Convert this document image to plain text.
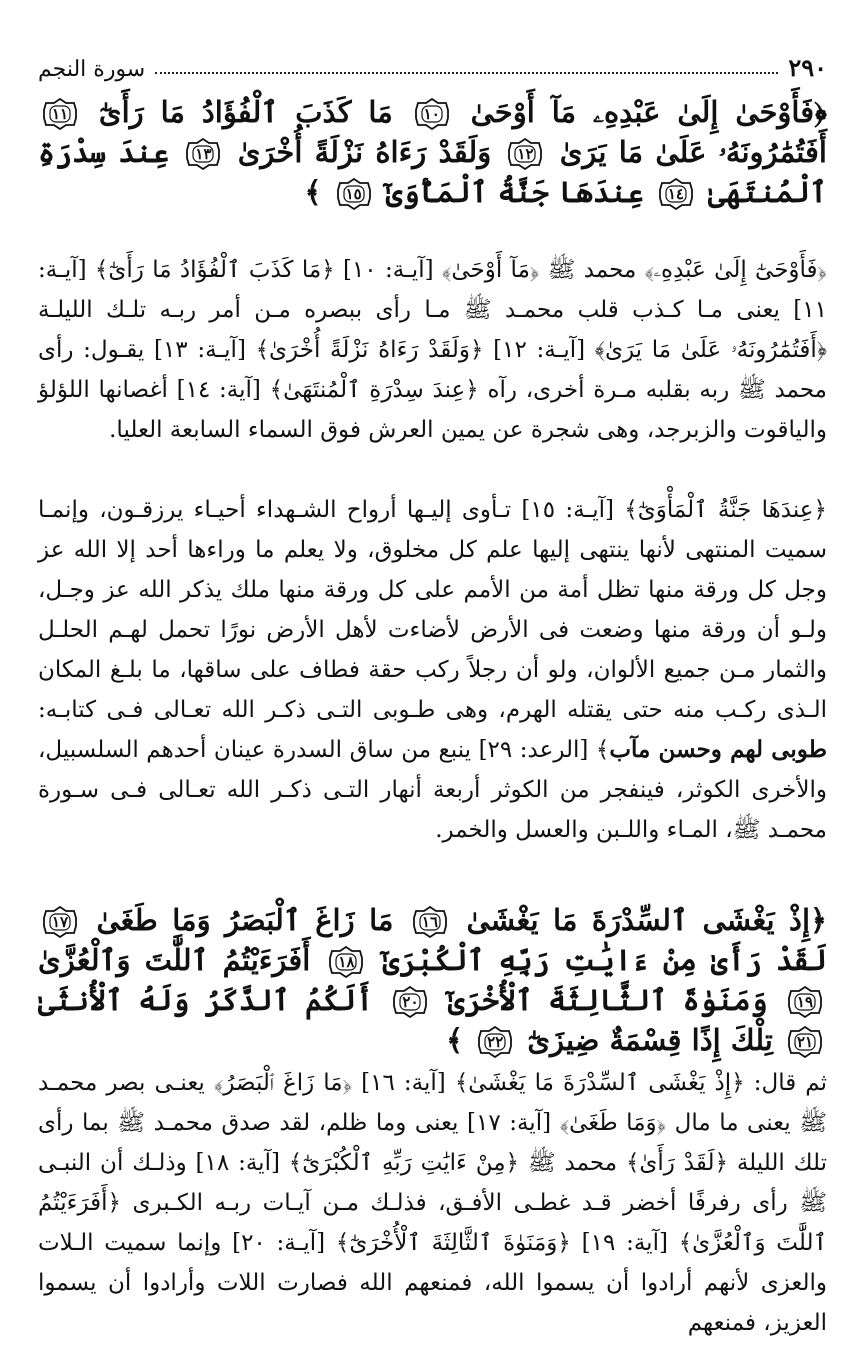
٢٩٠
سورة النجم
﴿فَأَوْحَىٰ إِلَىٰ عَبْدِهِۦ مَآ أَوْحَىٰ
١٠
مَا كَذَبَ ٱلْفُؤَادُ مَا رَأَىٰٓ
١١
أَفَتُمَٰرُونَهُۥ عَلَىٰ مَا يَرَىٰ
١٢
وَلَقَدْ رَءَاهُ نَزْلَةً أُخْرَىٰ
١٣
عِندَ سِدْرَةِ ٱلْمُنتَهَىٰ
١٤
عِندَهَا جَنَّةُ ٱلْمَأْوَىٰٓ
١٥
﴾

﴿فَأَوْحَىٰٓ إِلَىٰ عَبْدِهِۦ﴾ محمد ﷺ ﴿مَآ أَوْحَىٰ﴾ [آيـة: ١٠] ﴿مَا كَذَبَ ٱلْفُؤَادُ مَا رَأَىٰٓ﴾ [آيـة: ١١] يعنى مـا كـذب قلب محمـد ﷺ مـا رأى ببصره مـن أمر ربـه تلـك الليلـة ﴿أَفَتُمَٰرُونَهُۥ عَلَىٰ مَا يَرَىٰ﴾ [آيـة: ١٢] ﴿وَلَقَدْ رَءَاهُ نَزْلَةً أُخْرَىٰ﴾ [آيـة: ١٣] يقـول: رأى محمد ﷺ ربه بقلبه مـرة أخرى، رآه ﴿عِندَ سِدْرَةِ ٱلْمُنتَهَىٰ﴾ [آية: ١٤] أغصانها اللؤلؤ والياقوت والزبرجد، وهى شجرة عن يمين العرش فوق السماء السابعة العليا.

﴿عِندَهَا جَنَّةُ ٱلْمَأْوَىٰٓ﴾ [آيـة: ١٥] تـأوى إليـها أرواح الشـهداء أحيـاء يرزقـون، وإنمـا سميت المنتهى لأنها ينتهى إليها علم كل مخلوق، ولا يعلم ما وراءها أحد إلا الله عز وجل كل ورقة منها تظل أمة من الأمم على كل ورقة منها ملك يذكر الله عز وجـل، ولـو أن ورقة منها وضعت فى الأرض لأضاءت لأهل الأرض نورًا تحمل لهـم الحلـل والثمار مـن جميع الألوان، ولو أن رجلاً ركب حقة فطاف على ساقها، ما بلـغ المكان الـذى ركـب منه حتى يقتله الهرم، وهى طـوبى التـى ذكـر الله تعـالى فـى كتابـه: طوبى لهم وحسن مآب﴾ [الرعد: ٢٩] ينبع من ساق السدرة عينان أحدهم السلسبيل، والأخرى الكوثر، فينفجر من الكوثر أربعة أنهار التـى ذكـر الله تعـالى فـى سـورة محمـد ﷺ، المـاء واللـبن والعسل والخمر.

﴿إِذْ يَغْشَى ٱلسِّدْرَةَ مَا يَغْشَىٰ
١٦
مَا زَاغَ ٱلْبَصَرُ وَمَا طَغَىٰ
١٧
لَقَدْ رَأَىٰ مِنْ ءَايَٰتِ رَبِّهِ ٱلْكُبْرَىٰٓ
١٨
أَفَرَءَيْتُمُ ٱللَّٰتَ وَٱلْعُزَّىٰ
١٩
وَمَنَوٰةَ ٱلثَّالِثَةَ ٱلْأُخْرَىٰٓ
٢٠
أَلَكُمُ ٱلذَّكَرُ وَلَهُ ٱلْأُنثَىٰ
٢١
تِلْكَ إِذًا قِسْمَةٌ ضِيزَىٰٓ
٢٢
﴾

ثم قال: ﴿إِذْ يَغْشَى ٱلسِّدْرَةَ مَا يَغْشَىٰ﴾ [آية: ١٦] ﴿مَا زَاغَ ٱلْبَصَرُ﴾ يعنـى بصر محمـد ﷺ يعنى ما مال ﴿وَمَا طَغَىٰ﴾ [آية: ١٧] يعنى وما ظلم، لقد صدق محمـد ﷺ بما رأى تلك الليلة ﴿لَقَدْ رَأَىٰ﴾ محمد ﷺ ﴿مِنْ ءَايَٰتِ رَبِّهِ ٱلْكُبْرَىٰٓ﴾ [آية: ١٨] وذلـك أن النبـى ﷺ رأى رفرفًا أخضر قـد غطـى الأفـق، فذلـك مـن آيـات ربـه الكـبرى ﴿أَفَرَءَيْتُمُ ٱللَّٰتَ وَٱلْعُزَّىٰ﴾ [آية: ١٩] ﴿وَمَنَوٰةَ ٱلثَّالِثَةَ ٱلْأُخْرَىٰٓ﴾ [آيـة: ٢٠] وإنما سميت الـلات والعزى لأنهم أرادوا أن يسموا الله، فمنعهم الله فصارت اللات وأرادوا أن يسموا العزيز، فمنعهم
